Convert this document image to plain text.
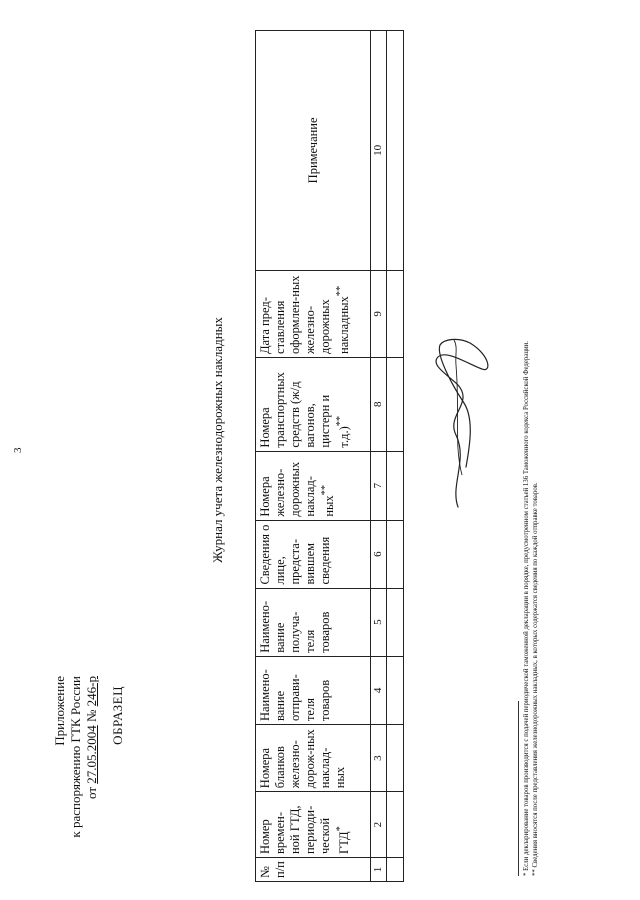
3
Приложение к распоряжению ГТК России от 27.05.2004 № 246-р ОБРАЗЕЦ
Журнал учета железнодорожных накладных
№ п/п	Номер времен-ной ГТД, периоди-ческой ГТД*	Номера бланков железно-дорож-ных наклад-ных	Наимено-вание отправи-теля товаров	Наимено-вание получа-теля товаров	Сведения о лице, предста-вившем сведения	Номера железно-дорожных наклад-ных**	Номера транспортных средств (ж/д вагонов, цистерн и т.д.)**	Дата пред-ставления оформлен-ных железно-дорожных накладных**	Примечание
1	2	3	4	5	6	7	8	9	10

* Если декларирование товаров производится с подачей периодической таможенной декларации в порядке, предусмотренном статьей 136 Таможенного кодекса Российской Федерации. ** Сведения вносятся после представления железнодорожных накладных, в которых содержатся сведения по каждой отправке товаров.
